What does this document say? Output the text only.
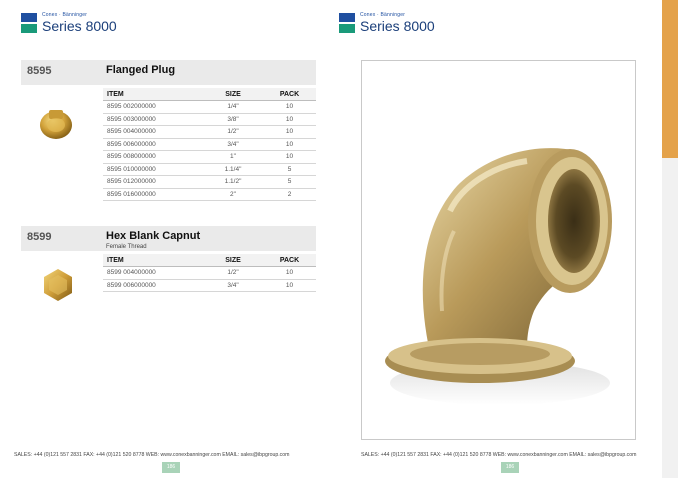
Conex · Bänninger
Series 8000
8595	Flanged Plug
ITEM	SIZE	PACK
8595 002000000	1/4"	10
8595 003000000	3/8"	10
8595 004000000	1/2"	10
8595 006000000	3/4"	10
8595 008000000	1"	10
8595 010000000	1.1/4"	5
8595 012000000	1.1/2"	5
8595 016000000	2"	2
8599	Hex Blank Capnut
Female Thread
ITEM	SIZE	PACK
8599 004000000	1/2"	10
8599 006000000	3/4"	10
SALES: +44 (0)121 557 2831 FAX: +44 (0)121 520 8778 WEB: www.conexbanninger.com EMAIL: sales@ibpgroup.com
186
Conex · Bänninger
Series 8000
SALES: +44 (0)121 557 2831 FAX: +44 (0)121 520 8778 WEB: www.conexbanninger.com EMAIL: sales@ibpgroup.com
186
